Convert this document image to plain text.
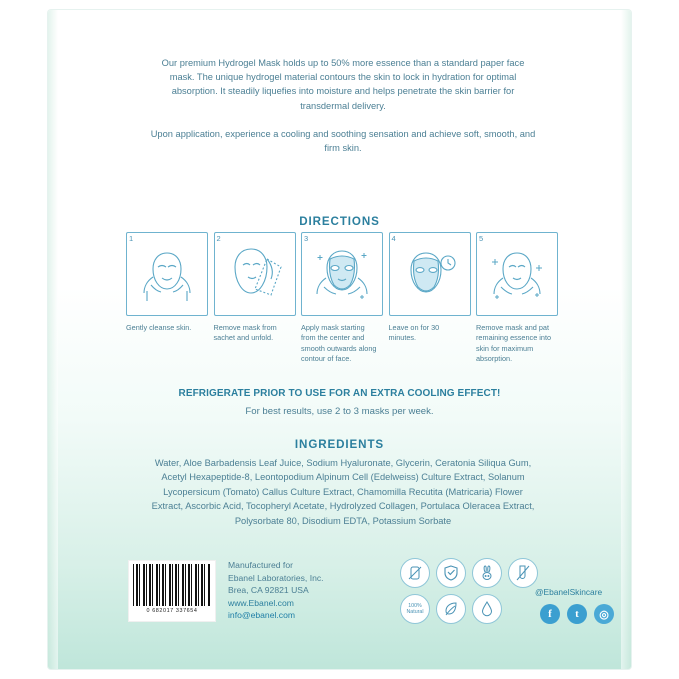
Our premium Hydrogel Mask holds up to 50% more essence than a standard paper face mask. The unique hydrogel material contours the skin to lock in hydration for optimal absorption. It steadily liquefies into moisture and helps penetrate the skin barrier for transdermal delivery.

Upon application, experience a cooling and soothing sensation and achieve soft, smooth, and firm skin.

DIRECTIONS
1
Gently cleanse skin.
2
Remove mask from sachet and unfold.
3
Apply mask starting from the center and smooth outwards along contour of face.
4
Leave on for 30 minutes.
5
Remove mask and pat remaining essence into skin for maximum absorption.
REFRIGERATE PRIOR TO USE FOR AN EXTRA COOLING EFFECT!
For best results, use 2 to 3 masks per week.
INGREDIENTS
Water, Aloe Barbadensis Leaf Juice, Sodium Hyaluronate, Glycerin, Ceratonia Siliqua Gum, Acetyl Hexapeptide-8, Leontopodium Alpinum Cell (Edelweiss) Culture Extract, Solanum Lycopersicum (Tomato) Callus Culture Extract, Chamomilla Recutita (Matricaria) Flower Extract, Ascorbic Acid, Tocopheryl Acetate, Hydrolyzed Collagen, Portulaca Oleracea Extract, Polysorbate 80, Disodium EDTA, Potassium Sorbate
0 682017 337654
Manufactured for
Ebanel Laboratories, Inc.
Brea, CA 92821 USA
www.Ebanel.com
info@ebanel.com
100% Natural
@EbanelSkincare
f	t	◎
